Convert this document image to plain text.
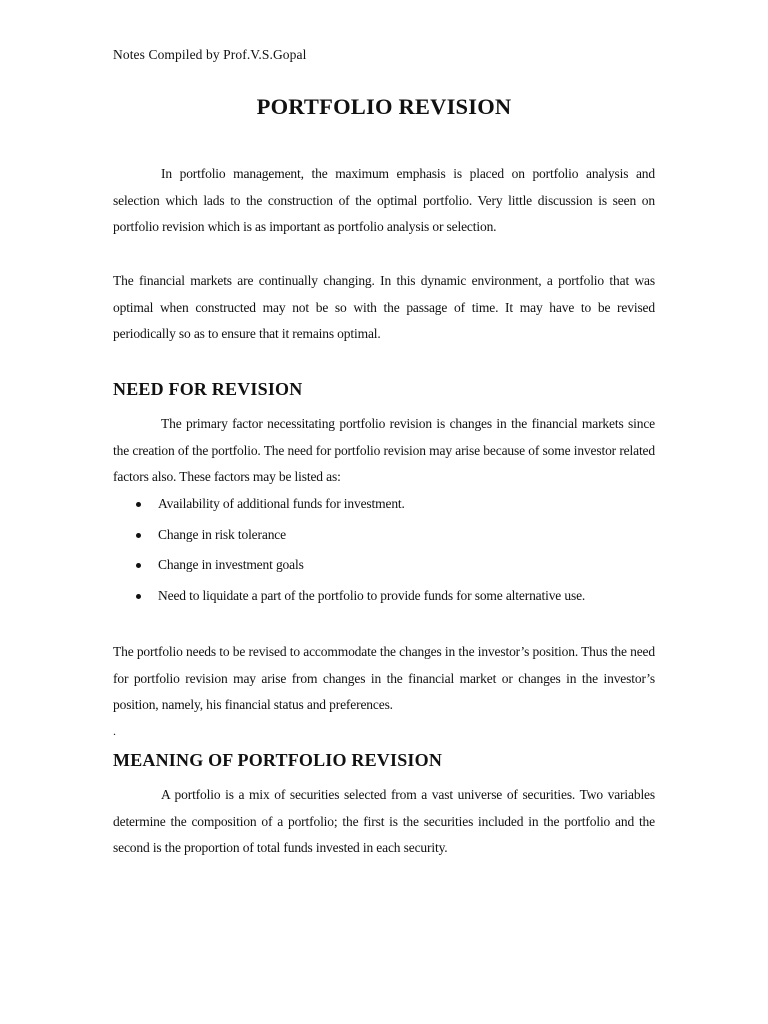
Notes Compiled by Prof.V.S.Gopal
PORTFOLIO REVISION

In portfolio management, the maximum emphasis is placed on portfolio analysis and selection which lads to the construction of the optimal portfolio. Very little discussion is seen on portfolio revision which is as important as portfolio analysis or selection.

The financial markets are continually changing. In this dynamic environment, a portfolio that was optimal when constructed may not be so with the passage of time. It may have to be revised periodically so as to ensure that it remains optimal.

NEED FOR REVISION

The primary factor necessitating portfolio revision is changes in the financial markets since the creation of the portfolio. The need for portfolio revision may arise because of some investor related factors also. These factors may be listed as:

Availability of additional funds for investment.
Change in risk tolerance
Change in investment goals
Need to liquidate a part of the portfolio to provide funds for some alternative use.

The portfolio needs to be revised to accommodate the changes in the investor’s position. Thus the need for portfolio revision may arise from changes in the financial market or changes in the investor’s position, namely, his financial status and preferences.

.
MEANING OF PORTFOLIO REVISION

A portfolio is a mix of securities selected from a vast universe of securities. Two variables determine the composition of a portfolio; the first is the securities included in the portfolio and the second is the proportion of total funds invested in each security.
